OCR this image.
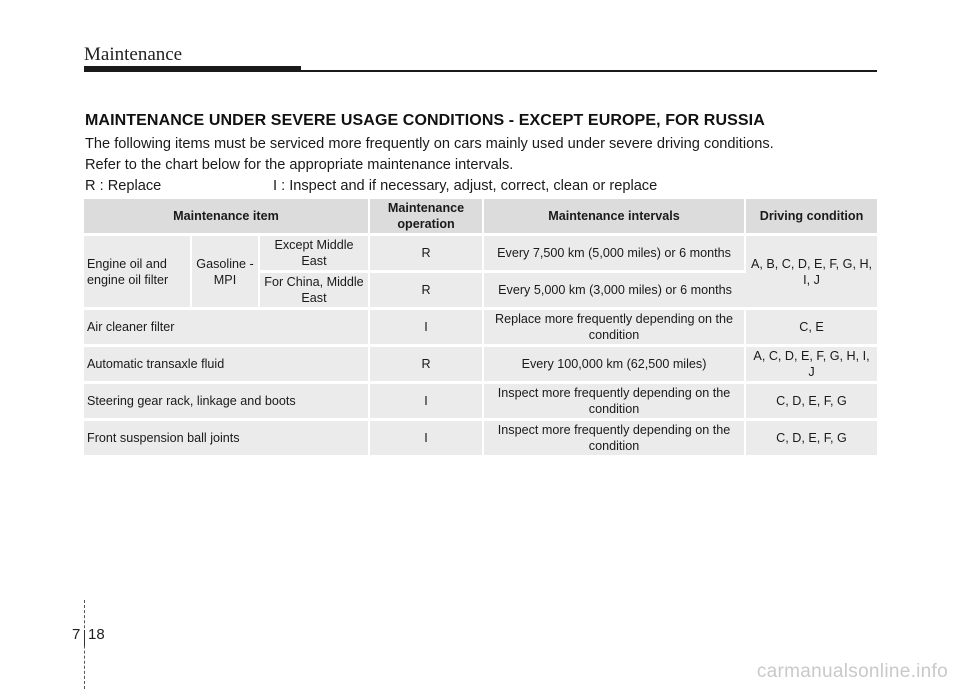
Maintenance
MAINTENANCE UNDER SEVERE USAGE CONDITIONS - EXCEPT EUROPE, FOR RUSSIA
The following items must be serviced more frequently on cars mainly used under severe driving conditions.
Refer to the chart below for the appropriate maintenance intervals.
R : Replace	I : Inspect and if necessary, adjust, correct, clean or replace
Maintenance item			Maintenance operation	Maintenance intervals	Driving condition
Engine oil and engine oil filter	Gasoline - MPI	Except Middle East	R	Every 7,500 km (5,000 miles) or 6 months	A, B, C, D, E, F, G, H, I, J
		For China, Middle East	R	Every 5,000 km (3,000 miles) or 6 months	
Air cleaner filter			I	Replace more frequently depending on the condition	C, E
Automatic transaxle fluid			R	Every 100,000 km (62,500 miles)	A, C, D, E, F, G, H, I, J
Steering gear rack, linkage and boots			I	Inspect more frequently depending on the condition	C, D, E, F, G
Front suspension ball joints			I	Inspect more frequently depending on the condition	C, D, E, F, G
7 18
carmanualsonline.info
